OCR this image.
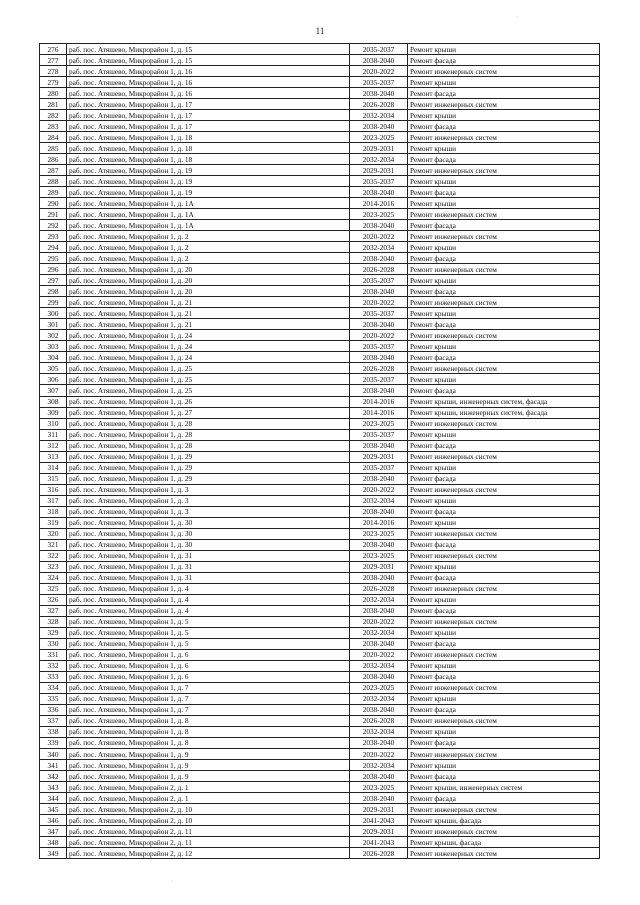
11
·
276	раб. пос. Атяшево, Микрорайон 1, д. 15	2035-2037	Ремонт крыши
277	раб. пос. Атяшево, Микрорайон 1, д. 15	2038-2040	Ремонт фасада
278	раб. пос. Атяшево, Микрорайон 1, д. 16	2020-2022	Ремонт инженерных систем
279	раб. пос. Атяшево, Микрорайон 1, д. 16	2035-2037	Ремонт крыши
280	раб. пос. Атяшево, Микрорайон 1, д. 16	2038-2040	Ремонт фасада
281	раб. пос. Атяшево, Микрорайон 1, д. 17	2026-2028	Ремонт инженерных систем
282	раб. пос. Атяшево, Микрорайон 1, д. 17	2032-2034	Ремонт крыши
283	раб. пос. Атяшево, Микрорайон 1, д. 17	2038-2040	Ремонт фасада
284	раб. пос. Атяшево, Микрорайон 1, д. 18	2023-2025	Ремонт инженерных систем
285	раб. пос. Атяшево, Микрорайон 1, д. 18	2029-2031	Ремонт крыши
286	раб. пос. Атяшево, Микрорайон 1, д. 18	2032-2034	Ремонт фасада
287	раб. пос. Атяшево, Микрорайон 1, д. 19	2029-2031	Ремонт инженерных систем
288	раб. пос. Атяшево, Микрорайон 1, д. 19	2035-2037	Ремонт крыши
289	раб. пос. Атяшево, Микрорайон 1, д. 19	2038-2040	Ремонт фасада
290	раб. пос. Атяшево, Микрорайон 1, д. 1А	2014-2016	Ремонт крыши
291	раб. пос. Атяшево, Микрорайон 1, д. 1А	2023-2025	Ремонт инженерных систем
292	раб. пос. Атяшево, Микрорайон 1, д. 1А	2038-2040	Ремонт фасада
293	раб. пос. Атяшево, Микрорайон 1, д. 2	2020-2022	Ремонт инженерных систем
294	раб. пос. Атяшево, Микрорайон 1, д. 2	2032-2034	Ремонт крыши
295	раб. пос. Атяшево, Микрорайон 1, д. 2	2038-2040	Ремонт фасада
296	раб. пос. Атяшево, Микрорайон 1, д. 20	2026-2028	Ремонт инженерных систем
297	раб. пос. Атяшево, Микрорайон 1, д. 20	2035-2037	Ремонт крыши
298	раб. пос. Атяшево, Микрорайон 1, д. 20	2038-2040	Ремонт фасада
299	раб. пос. Атяшево, Микрорайон 1, д. 21	2020-2022	Ремонт инженерных систем
300	раб. пос. Атяшево, Микрорайон 1, д. 21	2035-2037	Ремонт крыши
301	раб. пос. Атяшево, Микрорайон 1, д. 21	2038-2040	Ремонт фасада
302	раб. пос. Атяшево, Микрорайон 1, д. 24	2020-2022	Ремонт инженерных систем
303	раб. пос. Атяшево, Микрорайон 1, д. 24	2035-2037	Ремонт крыши
304	раб. пос. Атяшево, Микрорайон 1, д. 24	2038-2040	Ремонт фасада
305	раб. пос. Атяшево, Микрорайон 1, д. 25	2026-2028	Ремонт инженерных систем
306	раб. пос. Атяшево, Микрорайон 1, д. 25	2035-2037	Ремонт крыши
307	раб. пос. Атяшево, Микрорайон 1, д. 25	2038-2040	Ремонт фасада
308	раб. пос. Атяшево, Микрорайон 1, д. 26	2014-2016	Ремонт крыши, инженерных систем, фасада
309	раб. пос. Атяшево, Микрорайон 1, д. 27	2014-2016	Ремонт крыши, инженерных систем, фасада
310	раб. пос. Атяшево, Микрорайон 1, д. 28	2023-2025	Ремонт инженерных систем
311	раб. пос. Атяшево, Микрорайон 1, д. 28	2035-2037	Ремонт крыши
312	раб. пос. Атяшево, Микрорайон 1, д. 28	2038-2040	Ремонт фасада
313	раб. пос. Атяшево, Микрорайон 1, д. 29	2029-2031	Ремонт инженерных систем
314	раб. пос. Атяшево, Микрорайон 1, д. 29	2035-2037	Ремонт крыши
315	раб. пос. Атяшево, Микрорайон 1, д. 29	2038-2040	Ремонт фасада
316	раб. пос. Атяшево, Микрорайон 1, д. 3	2020-2022	Ремонт инженерных систем
317	раб. пос. Атяшево, Микрорайон 1, д. 3	2032-2034	Ремонт крыши
318	раб. пос. Атяшево, Микрорайон 1, д. 3	2038-2040	Ремонт фасада
319	раб. пос. Атяшево, Микрорайон 1, д. 30	2014-2016	Ремонт крыши
320	раб. пос. Атяшево, Микрорайон 1, д. 30	2023-2025	Ремонт инженерных систем
321	раб. пос. Атяшево, Микрорайон 1, д. 30	2038-2040	Ремонт фасада
322	раб. пос. Атяшево, Микрорайон 1, д. 31	2023-2025	Ремонт инженерных систем
323	раб. пос. Атяшево, Микрорайон 1, д. 31	2029-2031	Ремонт крыши
324	раб. пос. Атяшево, Микрорайон 1, д. 31	2038-2040	Ремонт фасада
325	раб. пос. Атяшево, Микрорайон 1, д. 4	2026-2028	Ремонт инженерных систем
326	раб. пос. Атяшево, Микрорайон 1, д. 4	2032-2034	Ремонт крыши
327	раб. пос. Атяшево, Микрорайон 1, д. 4	2038-2040	Ремонт фасада
328	раб. пос. Атяшево, Микрорайон 1, д. 5	2020-2022	Ремонт инженерных систем
329	раб. пос. Атяшево, Микрорайон 1, д. 5	2032-2034	Ремонт крыши
330	раб. пос. Атяшево, Микрорайон 1, д. 5	2038-2040	Ремонт фасада
331	раб. пос. Атяшево, Микрорайон 1, д. 6	2020-2022	Ремонт инженерных систем
332	раб. пос. Атяшево, Микрорайон 1, д. 6	2032-2034	Ремонт крыши
333	раб. пос. Атяшево, Микрорайон 1, д. 6	2038-2040	Ремонт фасада
334	раб. пос. Атяшево, Микрорайон 1, д. 7	2023-2025	Ремонт инженерных систем
335	раб. пос. Атяшево, Микрорайон 1, д. 7	2032-2034	Ремонт крыши
336	раб. пос. Атяшево, Микрорайон 1, д. 7	2038-2040	Ремонт фасада
337	раб. пос. Атяшево, Микрорайон 1, д. 8	2026-2028	Ремонт инженерных систем
338	раб. пос. Атяшево, Микрорайон 1, д. 8	2032-2034	Ремонт крыши
339	раб. пос. Атяшево, Микрорайон 1, д. 8	2038-2040	Ремонт фасада
340	раб. пос. Атяшево, Микрорайон 1, д. 9	2020-2022	Ремонт инженерных систем
341	раб. пос. Атяшево, Микрорайон 1, д. 9	2032-2034	Ремонт крыши
342	раб. пос. Атяшево, Микрорайон 1, д. 9	2038-2040	Ремонт фасада
343	раб. пос. Атяшево, Микрорайон 2, д. 1	2023-2025	Ремонт крыши, инженерных систем
344	раб. пос. Атяшево, Микрорайон 2, д. 1	2038-2040	Ремонт фасада
345	раб. пос. Атяшево, Микрорайон 2, д. 10	2029-2031	Ремонт инженерных систем
346	раб. пос. Атяшево, Микрорайон 2, д. 10	2041-2043	Ремонт крыши, фасада
347	раб. пос. Атяшево, Микрорайон 2, д. 11	2029-2031	Ремонт инженерных систем
348	раб. пос. Атяшево, Микрорайон 2, д. 11	2041-2043	Ремонт крыши, фасада
349	раб. пос. Атяшево, Микрорайон 2, д. 12	2026-2028	Ремонт инженерных систем
·
